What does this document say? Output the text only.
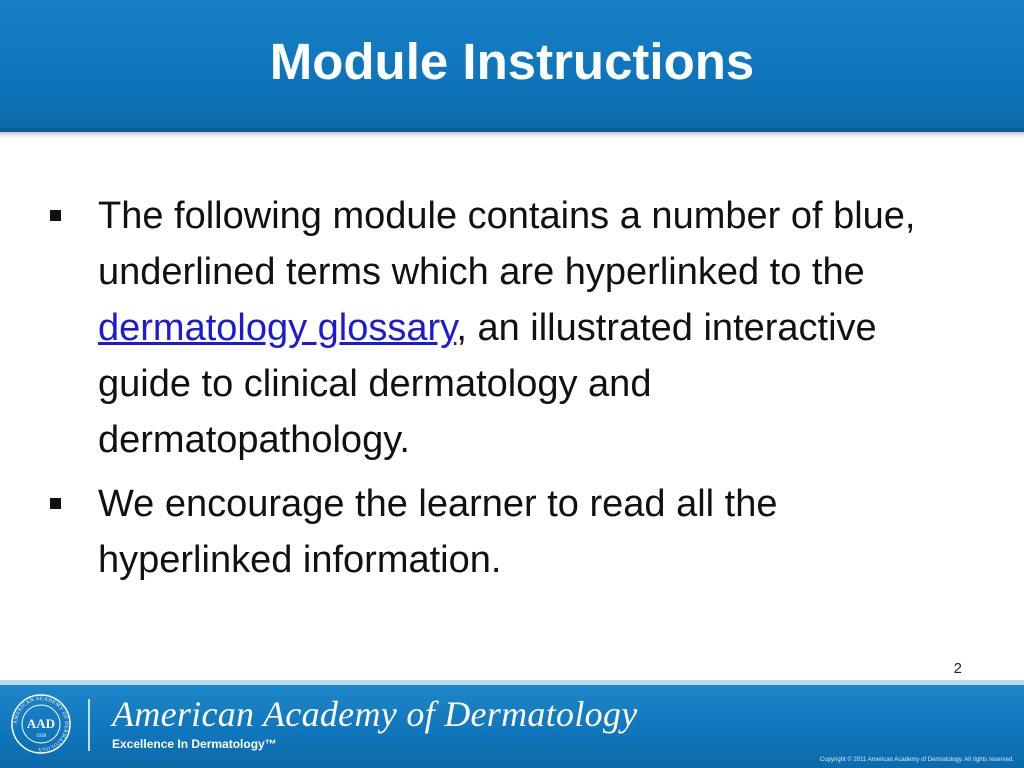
Module Instructions
The following module contains a number of blue, underlined terms which are hyperlinked to the dermatology glossary, an illustrated interactive guide to clinical dermatology and dermatopathology.
We encourage the learner to read all the hyperlinked information.
2
AMERICAN ACADEMY OF DERMATOLOGY
AAD
1938
American Academy of Dermatology
Excellence In Dermatology™
Copyright © 2011 American Academy of Dermatology. All rights reserved.
